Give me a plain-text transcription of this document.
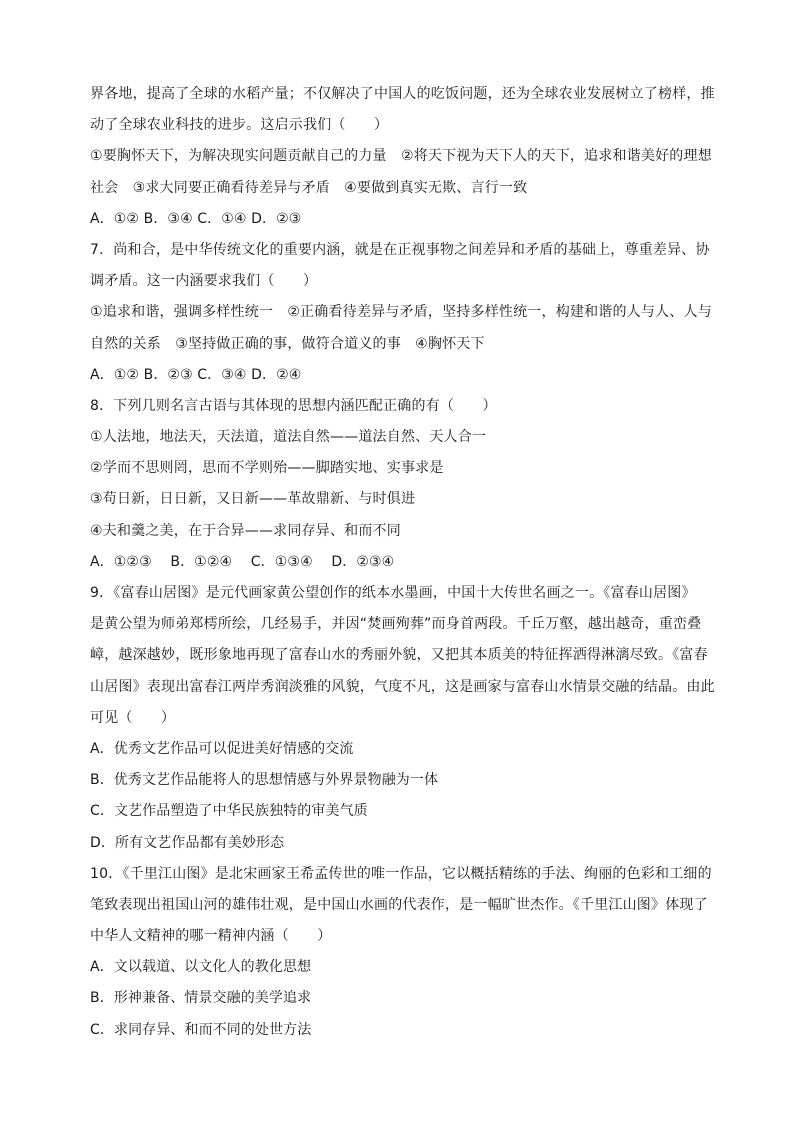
界各地，提高了全球的水稻产量；不仅解决了中国人的吃饭问题，还为全球农业发展树立了榜样，推
动了全球农业科技的进步。这启示我们（　　）
①要胸怀天下，为解决现实问题贡献自己的力量　②将天下视为天下人的天下，追求和谐美好的理想
社会　③求大同要正确看待差异与矛盾　④要做到真实无欺、言行一致
A．①② B．③④ C．①④ D．②③
7．尚和合，是中华传统文化的重要内涵，就是在正视事物之间差异和矛盾的基础上，尊重差异、协
调矛盾。这一内涵要求我们（　　）
①追求和谐，强调多样性统一　②正确看待差异与矛盾，坚持多样性统一，构建和谐的人与人、人与
自然的关系　③坚持做正确的事，做符合道义的事　④胸怀天下
A．①② B．②③ C．③④ D．②④
8．下列几则名言古语与其体现的思想内涵匹配正确的有（　　）
①人法地，地法天，天法道，道法自然——道法自然、天人合一
②学而不思则罔，思而不学则殆——脚踏实地、实事求是
③苟日新，日日新，又日新——革故鼎新、与时俱进
④夫和羹之美，在于合异——求同存异、和而不同
A．①②③　 B．①②④　 C．①③④　 D．②③④
9．《富春山居图》是元代画家黄公望创作的纸本水墨画，中国十大传世名画之一。《富春山居图》
是黄公望为师弟郑樗所绘，几经易手，并因“焚画殉葬”而身首两段。千丘万壑，越出越奇，重峦叠
嶂，越深越妙，既形象地再现了富春山水的秀丽外貌，又把其本质美的特征挥洒得淋漓尽致。《富春
山居图》表现出富春江两岸秀润淡雅的风貌，气度不凡，这是画家与富春山水情景交融的结晶。由此
可见（　　）
A．优秀文艺作品可以促进美好情感的交流
B．优秀文艺作品能将人的思想情感与外界景物融为一体
C．文艺作品塑造了中华民族独特的审美气质
D．所有文艺作品都有美妙形态
10．《千里江山图》是北宋画家王希孟传世的唯一作品，它以概括精练的手法、绚丽的色彩和工细的
笔致表现出祖国山河的雄伟壮观，是中国山水画的代表作，是一幅旷世杰作。《千里江山图》体现了
中华人文精神的哪一精神内涵（　　）
A．文以载道、以文化人的教化思想
B．形神兼备、情景交融的美学追求
C．求同存异、和而不同的处世方法
